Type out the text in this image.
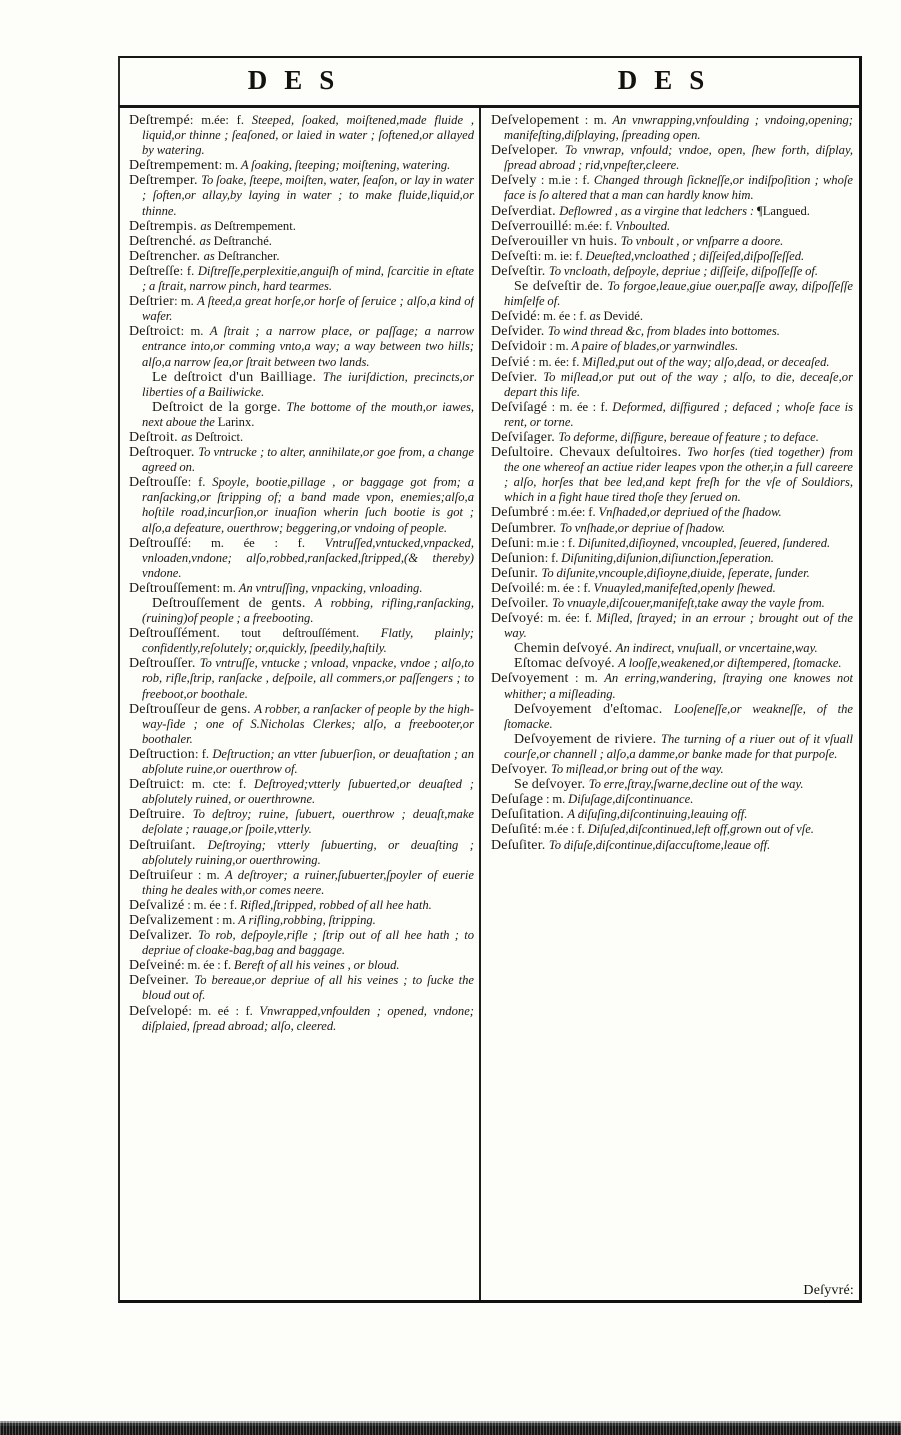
DES	DES

Deſtrempé: m.ée: f. Steeped, ſoaked, moiſtened,made fluide , liquid,or thinne ; ſeaſoned, or laied in water ; ſoftened,or allayed by watering.

Deſtrempement: m. A ſoaking, ſteeping; moiſtening, watering.

Deſtremper. To ſoake, ſteepe, moiſten, water, ſeaſon, or lay in water ; ſoften,or allay,by laying in water ; to make fluide,liquid,or thinne.

Deſtrempis. as Deſtrempement.

Deſtrenché. as Deſtranché.

Deſtrencher. as Deſtrancher.

Deſtreſſe: f. Diſtreſſe,perplexitie,anguiſh of mind, ſcarcitie in eſtate ; a ſtrait, narrow pinch, hard tearmes.

Deſtrier: m. A ſteed,a great horſe,or horſe of ſeruice ; alſo,a kind of wafer.

Deſtroict: m. A ſtrait ; a narrow place, or paſſage; a narrow entrance into,or comming vnto,a way; a way between two hills; alſo,a narrow ſea,or ſtrait between two lands.

Le deſtroict d'un Bailliage. The iuriſdiction, precincts,or liberties of a Bailiwicke.

Deſtroict de la gorge. The bottome of the mouth,or iawes, next aboue the Larinx.

Deſtroit. as Deſtroict.

Deſtroquer. To vntrucke ; to alter, annihilate,or goe from, a change agreed on.

Deſtrouſſe: f. Spoyle, bootie,pillage , or baggage got from; a ranſacking,or ſtripping of; a band made vpon, enemies;alſo,a hoſtile road,incurſion,or inuaſion wherin ſuch bootie is got ; alſo,a defeature, ouerthrow; beggering,or vndoing of people.

Deſtrouſſé: m. ée : f. Vntruſſed,vntucked,vnpacked, vnloaden,vndone; alſo,robbed,ranſacked,ſtripped,(& thereby) vndone.

Deſtrouſſement: m. An vntruſſing, vnpacking, vnloading.

Deſtrouſſement de gents. A robbing, rifling,ranſacking,(ruining)of people ; a freebooting.

Deſtrouſſément. tout deſtrouſſément. Flatly, plainly; confidently,reſolutely; or,quickly, ſpeedily,haſtily.

Deſtrouſſer. To vntruſſe, vntucke ; vnload, vnpacke, vndoe ; alſo,to rob, rifle,ſtrip, ranſacke , deſpoile, all commers,or paſſengers ; to freeboot,or boothale.

Deſtrouſſeur de gens. A robber, a ranſacker of people by the high-way-ſide ; one of S.Nicholas Clerkes; alſo, a freebooter,or boothaler.

Deſtruction: f. Deſtruction; an vtter ſubuerſion, or deuaſtation ; an abſolute ruine,or ouerthrow of.

Deſtruict: m. cte: f. Deſtroyed;vtterly ſubuerted,or deuaſted ; abſolutely ruined, or ouerthrowne.

Deſtruire. To deſtroy; ruine, ſubuert, ouerthrow ; deuaſt,make deſolate ; rauage,or ſpoile,vtterly.

Deſtruiſant. Deſtroying; vtterly ſubuerting, or deuaſting ; abſolutely ruining,or ouerthrowing.

Deſtruiſeur : m. A deſtroyer; a ruiner,ſubuerter,ſpoyler of euerie thing he deales with,or comes neere.

Deſvalizé : m. ée : f. Rifled,ſtripped, robbed of all hee hath.

Deſvalizement : m. A rifling,robbing, ſtripping.

Deſvalizer. To rob, deſpoyle,rifle ; ſtrip out of all hee hath ; to depriue of cloake-bag,bag and baggage.

Deſveiné: m. ée : f. Bereft of all his veines , or bloud.

Deſveiner. To bereaue,or depriue of all his veines ; to ſucke the bloud out of.

Deſvelopé: m. eé : f. Vnwrapped,vnfoulden ; opened, vndone; diſplaied, ſpread abroad; alſo, cleered.

Deſvelopement : m. An vnwrapping,vnfoulding ; vndoing,opening; manifeſting,diſplaying, ſpreading open.

Deſveloper. To vnwrap, vnfould; vndoe, open, ſhew forth, diſplay, ſpread abroad ; rid,vnpeſter,cleere.

Deſvely : m.ie : f. Changed through ſickneſſe,or indiſpoſition ; whoſe face is ſo altered that a man can hardly know him.

Deſverdiat. Deflowred , as a virgine that ledchers : ¶Langued.

Deſverrouillé: m.ée: f. Vnboulted.

Deſverouiller vn huis. To vnboult , or vnſparre a doore.

Deſveſti: m. ie: f. Deueſted,vncloathed ; diſſeiſed,diſpoſſeſſed.

Deſveſtir. To vncloath, deſpoyle, depriue ; diſſeiſe, diſpoſſeſſe of.

Se deſveſtir de. To forgoe,leaue,giue ouer,paſſe away, diſpoſſeſſe himſelfe of.

Deſvidé: m. ée : f. as Devidé.

Deſvider. To wind thread &c, from blades into bottomes.

Deſvidoir : m. A paire of blades,or yarnwindles.

Deſvié : m. ée: f. Miſled,put out of the way; alſo,dead, or deceaſed.

Deſvier. To miſlead,or put out of the way ; alſo, to die, deceaſe,or depart this life.

Deſviſagé : m. ée : f. Deformed, diſfigured ; defaced ; whoſe face is rent, or torne.

Deſviſager. To deforme, diſfigure, bereaue of feature ; to deface.

Deſultoire. Chevaux deſultoires. Two horſes (tied together) from the one whereof an actiue rider leapes vpon the other,in a full careere ; alſo, horſes that bee led,and kept freſh for the vſe of Souldiors, which in a fight haue tired thoſe they ſerued on.

Deſumbré : m.ée: f. Vnſhaded,or depriued of the ſhadow.

Deſumbrer. To vnſhade,or depriue of ſhadow.

Deſuni: m.ie : f. Diſunited,diſioyned, vncoupled, ſeuered, ſundered.

Deſunion: f. Diſuniting,diſunion,diſiunction,ſeperation.

Deſunir. To diſunite,vncouple,diſioyne,diuide, ſeperate, ſunder.

Deſvoilé: m. ée : f. Vnuayled,manifeſted,openly ſhewed.

Deſvoiler. To vnuayle,diſcouer,manifeſt,take away the vayle from.

Deſvoyé: m. ée: f. Miſled, ſtrayed; in an errour ; brought out of the way.

Chemin deſvoyé. An indirect, vnuſuall, or vncertaine,way.

Eſtomac deſvoyé. A looſſe,weakened,or diſtempered, ſtomacke.

Deſvoyement : m. An erring,wandering, ſtraying one knowes not whither; a miſleading.

Deſvoyement d'eſtomac. Looſeneſſe,or weakneſſe, of the ſtomacke.

Deſvoyement de riviere. The turning of a riuer out of it vſuall courſe,or channell ; alſo,a damme,or banke made for that purpoſe.

Deſvoyer. To miſlead,or bring out of the way.

Se deſvoyer. To erre,ſtray,ſwarne,decline out of the way.

Deſuſage : m. Diſuſage,diſcontinuance.

Deſuſitation. A diſuſing,diſcontinuing,leauing off.

Deſuſité: m.ée : f. Diſuſed,diſcontinued,left off,grown out of vſe.

Deſuſiter. To diſuſe,diſcontinue,diſaccuſtome,leaue off.

Deſyvré:
